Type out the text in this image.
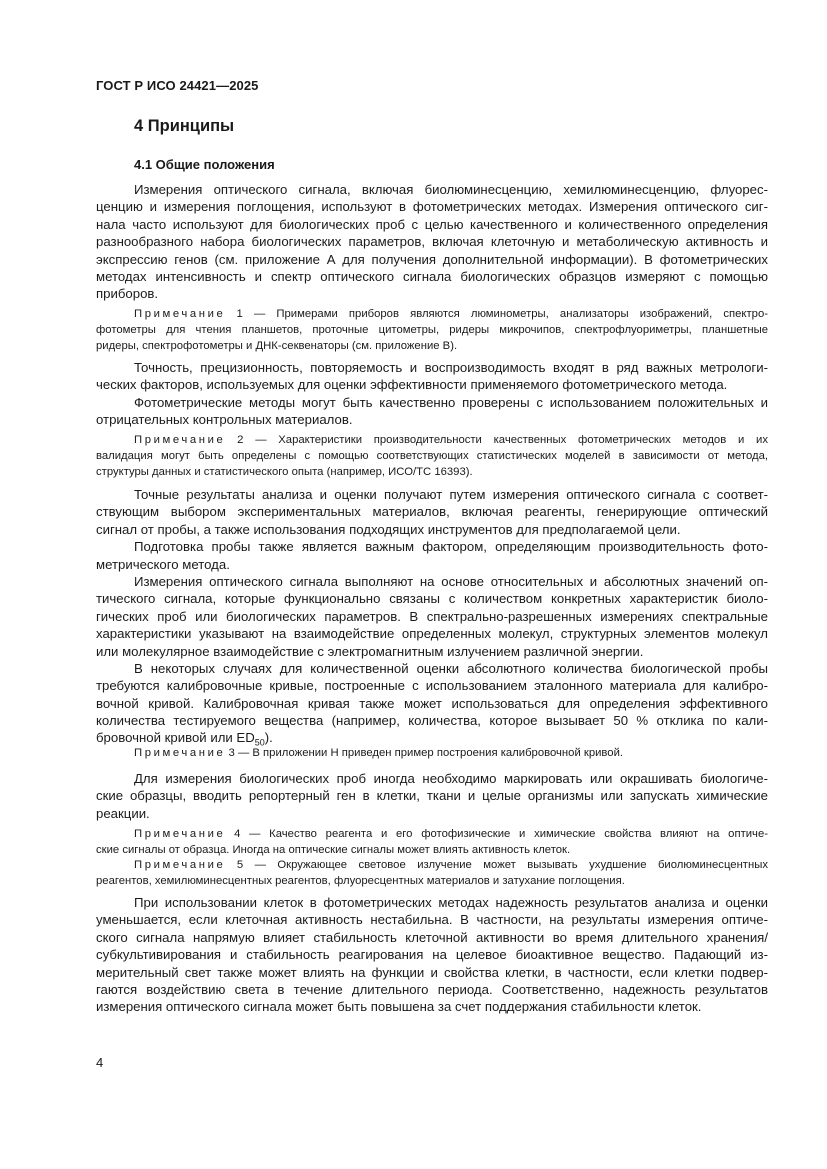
ГОСТ Р ИСО 24421—2025
4 Принципы
4.1 Общие положения
Измерения оптического сигнала, включая биолюминесценцию, хемилюминесценцию, флуорес-
ценцию и измерения поглощения, используют в фотометрических методах. Измерения оптического сиг-
нала часто используют для биологических проб с целью качественного и количественного определения
разнообразного набора биологических параметров, включая клеточную и метаболическую активность и
экспрессию генов (см. приложение А для получения дополнительной информации). В фотометрических
методах интенсивность и спектр оптического сигнала биологических образцов измеряют с помощью
приборов.
Примечание 1 — Примерами приборов являются люминометры, анализаторы изображений, спектро-
фотометры для чтения планшетов, проточные цитометры, ридеры микрочипов, спектрофлуориметры, планшетные
ридеры, спектрофотометры и ДНК-секвенаторы (см. приложение В).
Точность, прецизионность, повторяемость и воспроизводимость входят в ряд важных метрологи-
ческих факторов, используемых для оценки эффективности применяемого фотометрического метода.
Фотометрические методы могут быть качественно проверены с использованием положительных и
отрицательных контрольных материалов.
Примечание 2 — Характеристики производительности качественных фотометрических методов и их
валидация могут быть определены с помощью соответствующих статистических моделей в зависимости от метода,
структуры данных и статистического опыта (например, ИСО/ТС 16393).
Точные результаты анализа и оценки получают путем измерения оптического сигнала с соответ-
ствующим выбором экспериментальных материалов, включая реагенты, генерирующие оптический
сигнал от пробы, а также использования подходящих инструментов для предполагаемой цели.
Подготовка пробы также является важным фактором, определяющим производительность фото-
метрического метода.
Измерения оптического сигнала выполняют на основе относительных и абсолютных значений оп-
тического сигнала, которые функционально связаны с количеством конкретных характеристик биоло-
гических проб или биологических параметров. В спектрально-разрешенных измерениях спектральные
характеристики указывают на взаимодействие определенных молекул, структурных элементов молекул
или молекулярное взаимодействие с электромагнитным излучением различной энергии.
В некоторых случаях для количественной оценки абсолютного количества биологической пробы
требуются калибровочные кривые, построенные с использованием эталонного материала для калибро-
вочной кривой. Калибровочная кривая также может использоваться для определения эффективного
количества тестируемого вещества (например, количества, которое вызывает 50 % отклика по кали-
бровочной кривой или $ED_{50}$).
Примечание 3 — В приложении Н приведен пример построения калибровочной кривой.
Для измерения биологических проб иногда необходимо маркировать или окрашивать биологиче-
ские образцы, вводить репортерный ген в клетки, ткани и целые организмы или запускать химические
реакции.
Примечание 4 — Качество реагента и его фотофизические и химические свойства влияют на оптиче-
ские сигналы от образца. Иногда на оптические сигналы может влиять активность клеток.
Примечание 5 — Окружающее световое излучение может вызывать ухудшение биолюминесцентных
реагентов, хемилюминесцентных реагентов, флуоресцентных материалов и затухание поглощения.
При использовании клеток в фотометрических методах надежность результатов анализа и оценки
уменьшается, если клеточная активность нестабильна. В частности, на результаты измерения оптиче-
ского сигнала напрямую влияет стабильность клеточной активности во время длительного хранения/
субкультивирования и стабильность реагирования на целевое биоактивное вещество. Падающий из-
мерительный свет также может влиять на функции и свойства клетки, в частности, если клетки подвер-
гаются воздействию света в течение длительного периода. Соответственно, надежность результатов
измерения оптического сигнала может быть повышена за счет поддержания стабильности клеток.
4
